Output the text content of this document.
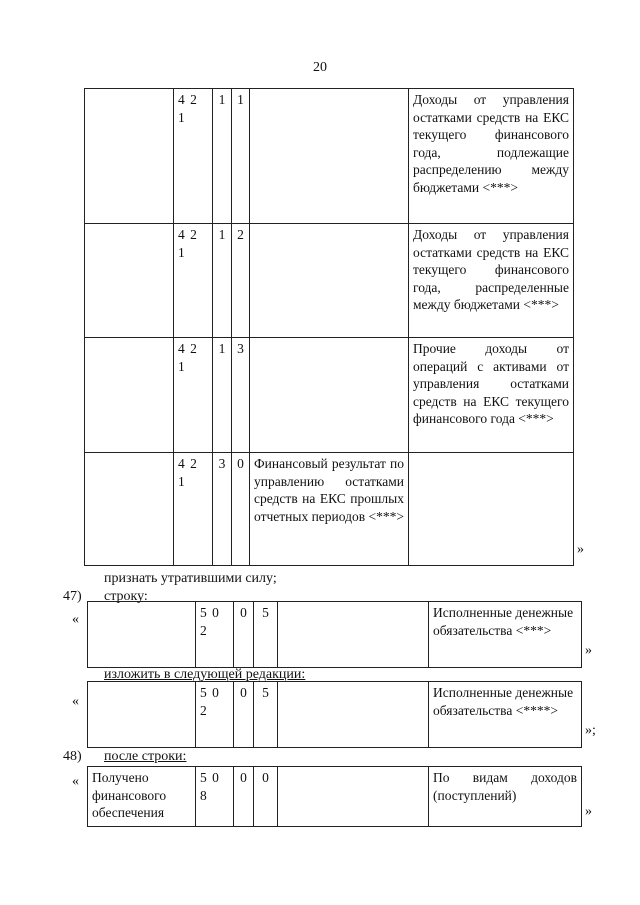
20
	4 2 1	1	1		Доходы от управления остатками средств на ЕКС текущего финансового года, подлежащие распределению между бюджетами <***>
	4 2 1	1	2		Доходы от управления остатками средств на ЕКС текущего финансового года, распределенные между бюджетами <***>
	4 2 1	1	3		Прочие доходы от операций с активами от управления остатками средств на ЕКС текущего финансового года <***>
	4 2 1	3	0	Финансовый результат по управлению остатками средств на ЕКС прошлых отчетных периодов <***>	
»
признать утратившими силу;
47) строку:
«
		5 0 2	0	5		Исполненные денежные обязательства <***>
»
изложить в следующей редакции:
«
	5 0 2	0	5		Исполненные денежные обязательства <****>
»;
48) после строки:
« Получено финансового обеспечения	5 0 8	0	0		По видам доходов (поступлений)
»
